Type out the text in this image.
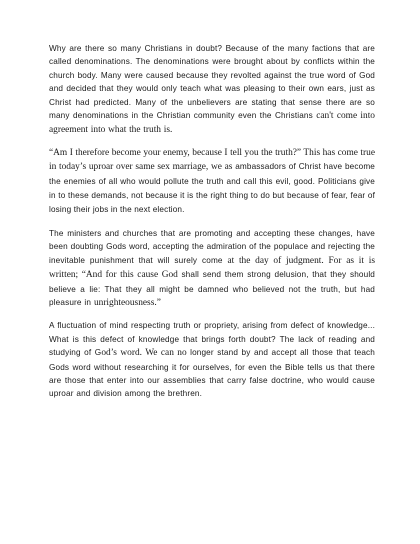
Why are there so many Christians in doubt? Because of the many factions that are called denominations. The denominations were brought about by conflicts within the church body. Many were caused because they revolted against the true word of God and decided that they would only teach what was pleasing to their own ears, just as Christ had predicted. Many of the unbelievers are stating that sense there are so many denominations in the Christian community even the Christians can't come into agreement into what the truth is.

“Am I therefore become your enemy, because I tell you the truth?” This has come true in today’s uproar over same sex marriage, we as ambassadors of Christ have become the enemies of all who would pollute the truth and call this evil, good. Politicians give in to these demands, not because it is the right thing to do but because of fear, fear of losing their jobs in the next election.

The ministers and churches that are promoting and accepting these changes, have been doubting Gods word, accepting the admiration of the populace and rejecting the inevitable punishment that will surely come at the day of judgment. For as it is written; “And for this cause God shall send them strong delusion, that they should believe a lie: That they all might be damned who believed not the truth, but had pleasure in unrighteousness.”

A fluctuation of mind respecting truth or propriety, arising from defect of knowledge... What is this defect of knowledge that brings forth doubt? The lack of reading and studying of God’s word. We can no longer stand by and accept all those that teach Gods word without researching it for ourselves, for even the Bible tells us that there are those that enter into our assemblies that carry false doctrine, who would cause uproar and division among the brethren.
